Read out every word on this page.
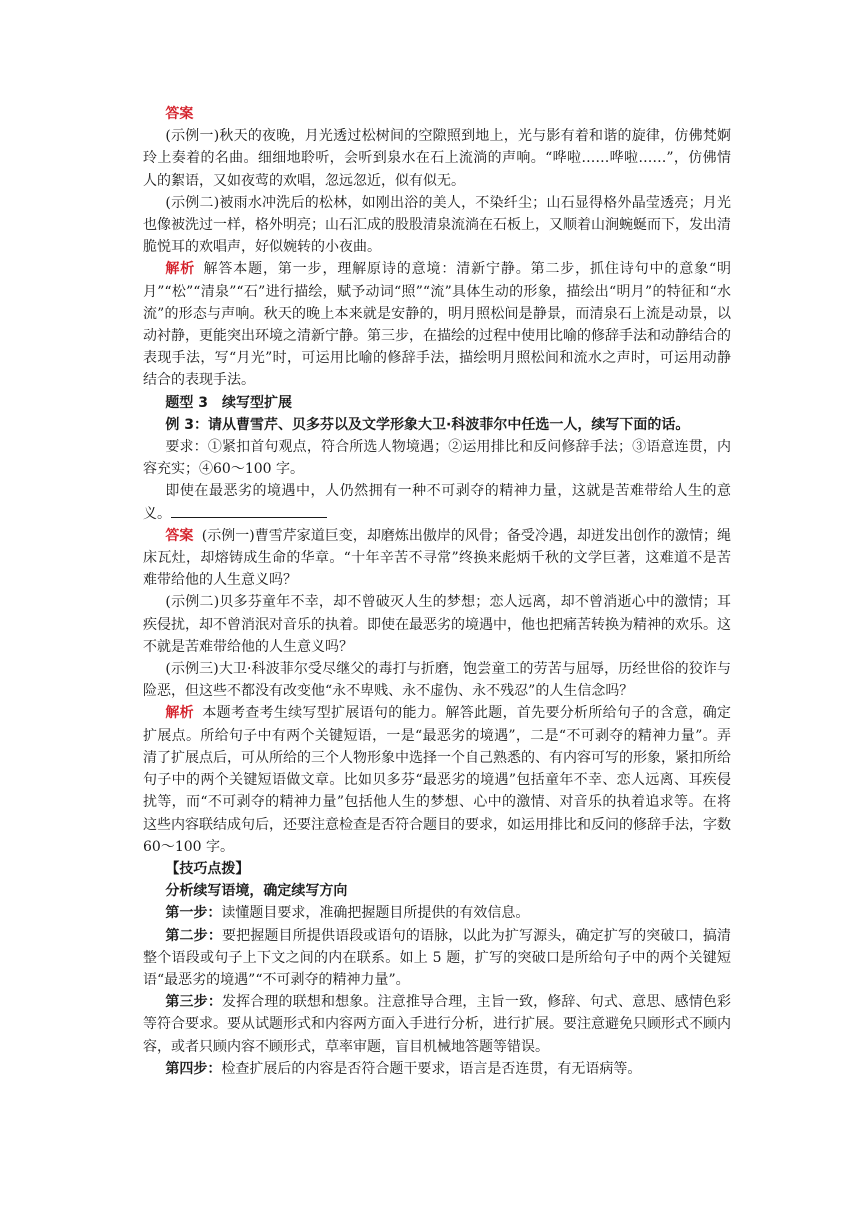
答案

(示例一)秋天的夜晚，月光透过松树间的空隙照到地上，光与影有着和谐的旋律，仿佛梵婀玲上奏着的名曲。细细地聆听，会听到泉水在石上流淌的声响。“哗啦……哗啦……”，仿佛情人的絮语，又如夜莺的欢唱，忽远忽近，似有似无。

(示例二)被雨水冲洗后的松林，如刚出浴的美人，不染纤尘；山石显得格外晶莹透亮；月光也像被洗过一样，格外明亮；山石汇成的股股清泉流淌在石板上，又顺着山涧蜿蜒而下，发出清脆悦耳的欢唱声，好似婉转的小夜曲。

解析 解答本题，第一步，理解原诗的意境：清新宁静。第二步，抓住诗句中的意象“明月”“松”“清泉”“石”进行描绘，赋予动词“照”“流”具体生动的形象，描绘出“明月”的特征和“水流”的形态与声响。秋天的晚上本来就是安静的，明月照松间是静景，而清泉石上流是动景，以动衬静，更能突出环境之清新宁静。第三步，在描绘的过程中使用比喻的修辞手法和动静结合的表现手法，写“月光”时，可运用比喻的修辞手法，描绘明月照松间和流水之声时，可运用动静结合的表现手法。

题型 3　续写型扩展

例 3：请从曹雪芹、贝多芬以及文学形象大卫·科波菲尔中任选一人，续写下面的话。

要求：①紧扣首句观点，符合所选人物境遇；②运用排比和反问修辞手法；③语意连贯，内容充实；④60～100 字。

即使在最恶劣的境遇中，人仍然拥有一种不可剥夺的精神力量，这就是苦难带给人生的意义。

答案 (示例一)曹雪芹家道巨变，却磨炼出傲岸的风骨；备受冷遇，却迸发出创作的激情；绳床瓦灶，却熔铸成生命的华章。“十年辛苦不寻常”终换来彪炳千秋的文学巨著，这难道不是苦难带给他的人生意义吗？

(示例二)贝多芬童年不幸，却不曾破灭人生的梦想；恋人远离，却不曾消逝心中的激情；耳疾侵扰，却不曾消泯对音乐的执着。即使在最恶劣的境遇中，他也把痛苦转换为精神的欢乐。这不就是苦难带给他的人生意义吗？

(示例三)大卫·科波菲尔受尽继父的毒打与折磨，饱尝童工的劳苦与屈辱，历经世俗的狡诈与险恶，但这些不都没有改变他“永不卑贱、永不虚伪、永不残忍”的人生信念吗？

解析 本题考查考生续写型扩展语句的能力。解答此题，首先要分析所给句子的含意，确定扩展点。所给句子中有两个关键短语，一是“最恶劣的境遇”，二是“不可剥夺的精神力量”。弄清了扩展点后，可从所给的三个人物形象中选择一个自己熟悉的、有内容可写的形象，紧扣所给句子中的两个关键短语做文章。比如贝多芬“最恶劣的境遇”包括童年不幸、恋人远离、耳疾侵扰等，而“不可剥夺的精神力量”包括他人生的梦想、心中的激情、对音乐的执着追求等。在将这些内容联结成句后，还要注意检查是否符合题目的要求，如运用排比和反问的修辞手法，字数 60～100 字。

【技巧点拨】

分析续写语境，确定续写方向

第一步：读懂题目要求，准确把握题目所提供的有效信息。

第二步：要把握题目所提供语段或语句的语脉，以此为扩写源头，确定扩写的突破口，搞清整个语段或句子上下文之间的内在联系。如上 5 题，扩写的突破口是所给句子中的两个关键短语“最恶劣的境遇”“不可剥夺的精神力量”。

第三步：发挥合理的联想和想象。注意推导合理，主旨一致，修辞、句式、意思、感情色彩等符合要求。要从试题形式和内容两方面入手进行分析，进行扩展。要注意避免只顾形式不顾内容，或者只顾内容不顾形式，草率审题，盲目机械地答题等错误。

第四步：检查扩展后的内容是否符合题干要求，语言是否连贯，有无语病等。
